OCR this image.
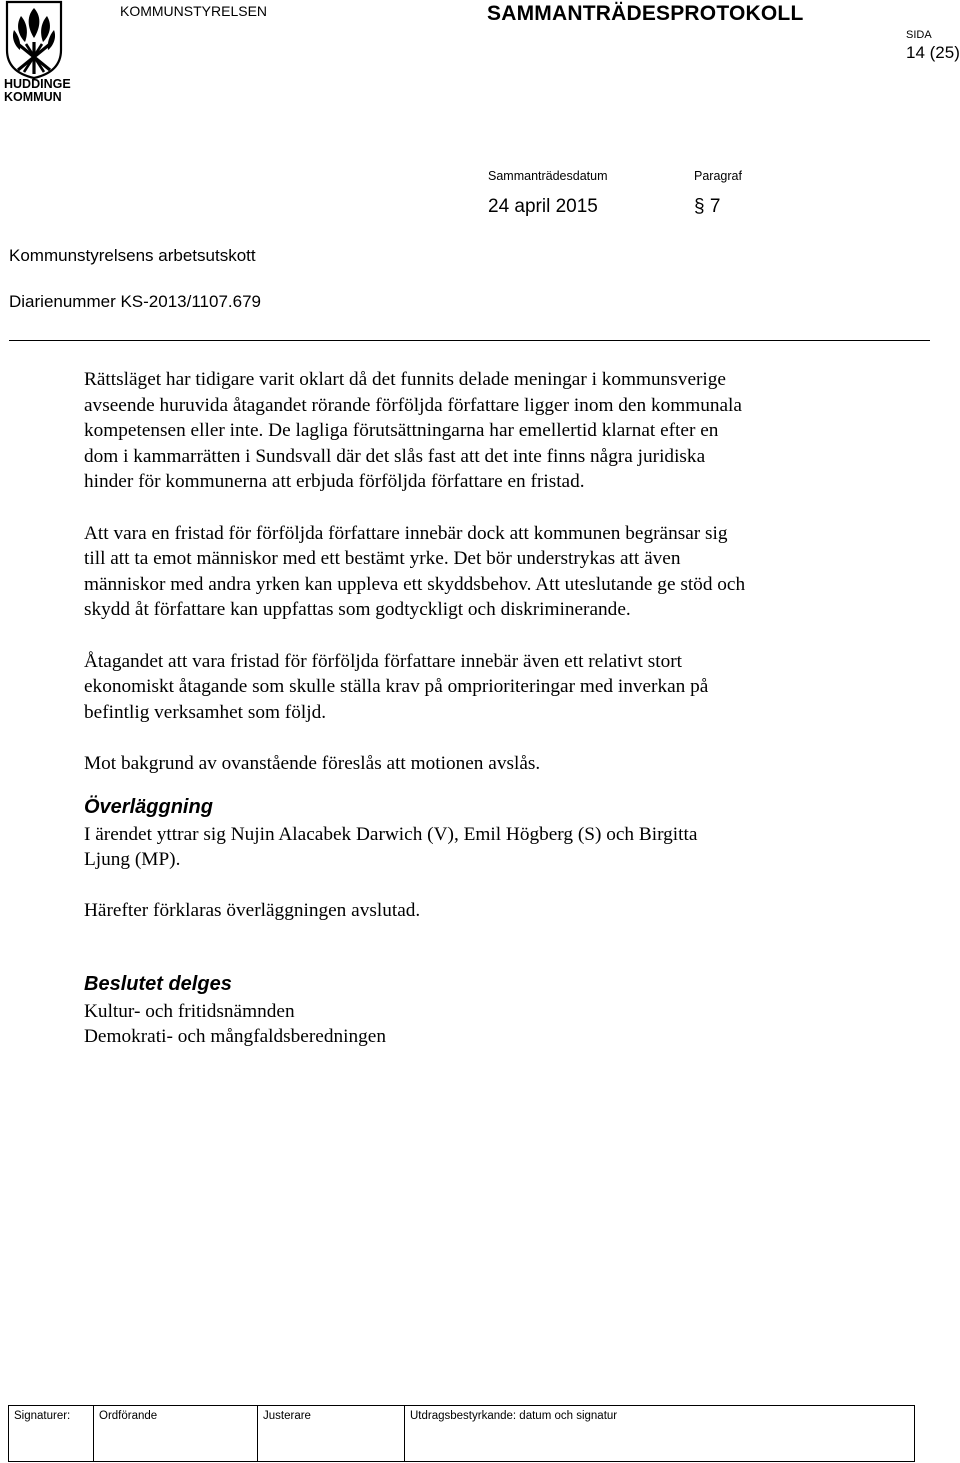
HUDDINGE
KOMMUN
KOMMUNSTYRELSEN	SAMMANTRÄDESPROTOKOLL
SIDA
14 (25)
Sammanträdesdatum	Paragraf
24 april 2015	§ 7
Kommunstyrelsens arbetsutskott
Diarienummer KS-2013/1107.679

Rättsläget har tidigare varit oklart då det funnits delade meningar i kommunsverige
avseende huruvida åtagandet rörande förföljda författare ligger inom den kommunala
kompetensen eller inte. De lagliga förutsättningarna har emellertid klarnat efter en
dom i kammarrätten i Sundsvall där det slås fast att det inte finns några juridiska
hinder för kommunerna att erbjuda förföljda författare en fristad.

Att vara en fristad för förföljda författare innebär dock att kommunen begränsar sig
till att ta emot människor med ett bestämt yrke. Det bör understrykas att även
människor med andra yrken kan uppleva ett skyddsbehov. Att uteslutande ge stöd och
skydd åt författare kan uppfattas som godtyckligt och diskriminerande.

Åtagandet att vara fristad för förföljda författare innebär även ett relativt stort
ekonomiskt åtagande som skulle ställa krav på omprioriteringar med inverkan på
befintlig verksamhet som följd.

Mot bakgrund av ovanstående föreslås att motionen avslås.

Överläggning

I ärendet yttrar sig Nujin Alacabek Darwich (V), Emil Högberg (S) och Birgitta
Ljung (MP).

Härefter förklaras överläggningen avslutad.

Beslutet delges

Kultur- och fritidsnämnden
Demokrati- och mångfaldsberedningen

Signaturer:	Ordförande	Justerare	Utdragsbestyrkande: datum och signatur
